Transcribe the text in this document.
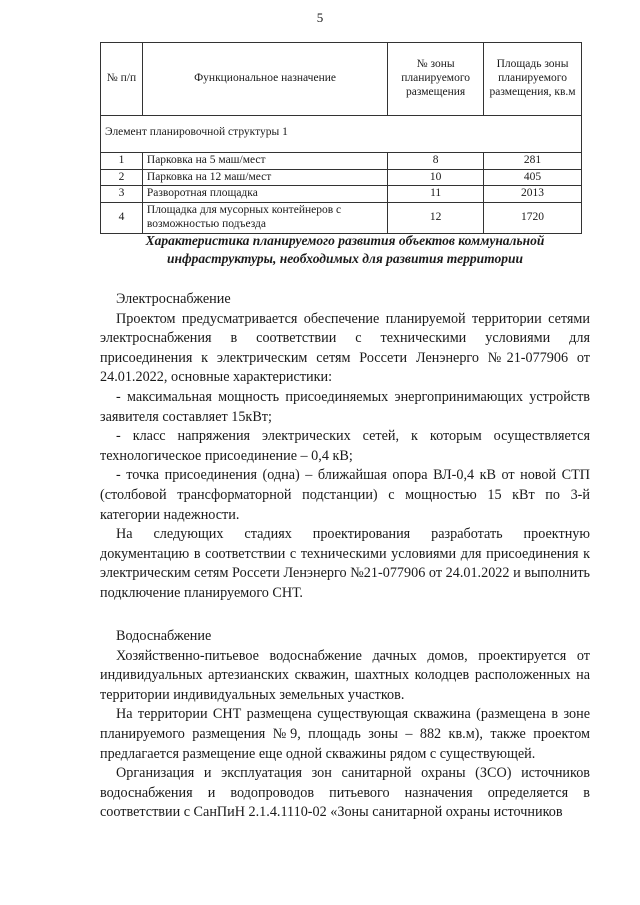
5
№ п/п	Функциональное назначение	№ зоны планируемого размещения	Площадь зоны планируемого размещения, кв.м
Элемент планировочной структуры 1			
1	Парковка на 5 маш/мест	8	281
2	Парковка на 12 маш/мест	10	405
3	Разворотная площадка	11	2013
4	Площадка для мусорных контейнеров с возможностью подъезда	12	1720
Характеристика планируемого развития объектов коммунальной инфраструктуры, необходимых для развития территории

Электроснабжение

Проектом предусматривается обеспечение планируемой территории сетями электроснабжения в соответствии с техническими условиями для присоединения к электрическим сетям Россети Ленэнерго №21-077906 от 24.01.2022, основные характеристики:

- максимальная мощность присоединяемых энергопринимающих устройств заявителя составляет 15кВт;

- класс напряжения электрических сетей, к которым осуществляется технологическое присоединение – 0,4 кВ;

- точка присоединения (одна) – ближайшая опора ВЛ-0,4 кВ от новой СТП (столбовой трансформаторной подстанции) с мощностью 15 кВт по 3-й категории надежности.

На следующих стадиях проектирования разработать проектную документацию в соответствии с техническими условиями для присоединения к электрическим сетям Россети Ленэнерго №21-077906 от 24.01.2022 и выполнить подключение планируемого СНТ.

Водоснабжение

Хозяйственно-питьевое водоснабжение дачных домов, проектируется от индивидуальных артезианских скважин, шахтных колодцев расположенных на территории индивидуальных земельных участков.

На территории СНТ размещена существующая скважина (размещена в зоне планируемого размещения №9, площадь зоны – 882 кв.м), также проектом предлагается размещение еще одной скважины рядом с существующей.

Организация и эксплуатация зон санитарной охраны (ЗСО) источников водоснабжения и водопроводов питьевого назначения определяется в соответствии с СанПиН 2.1.4.1110-02 «Зоны санитарной охраны источников
